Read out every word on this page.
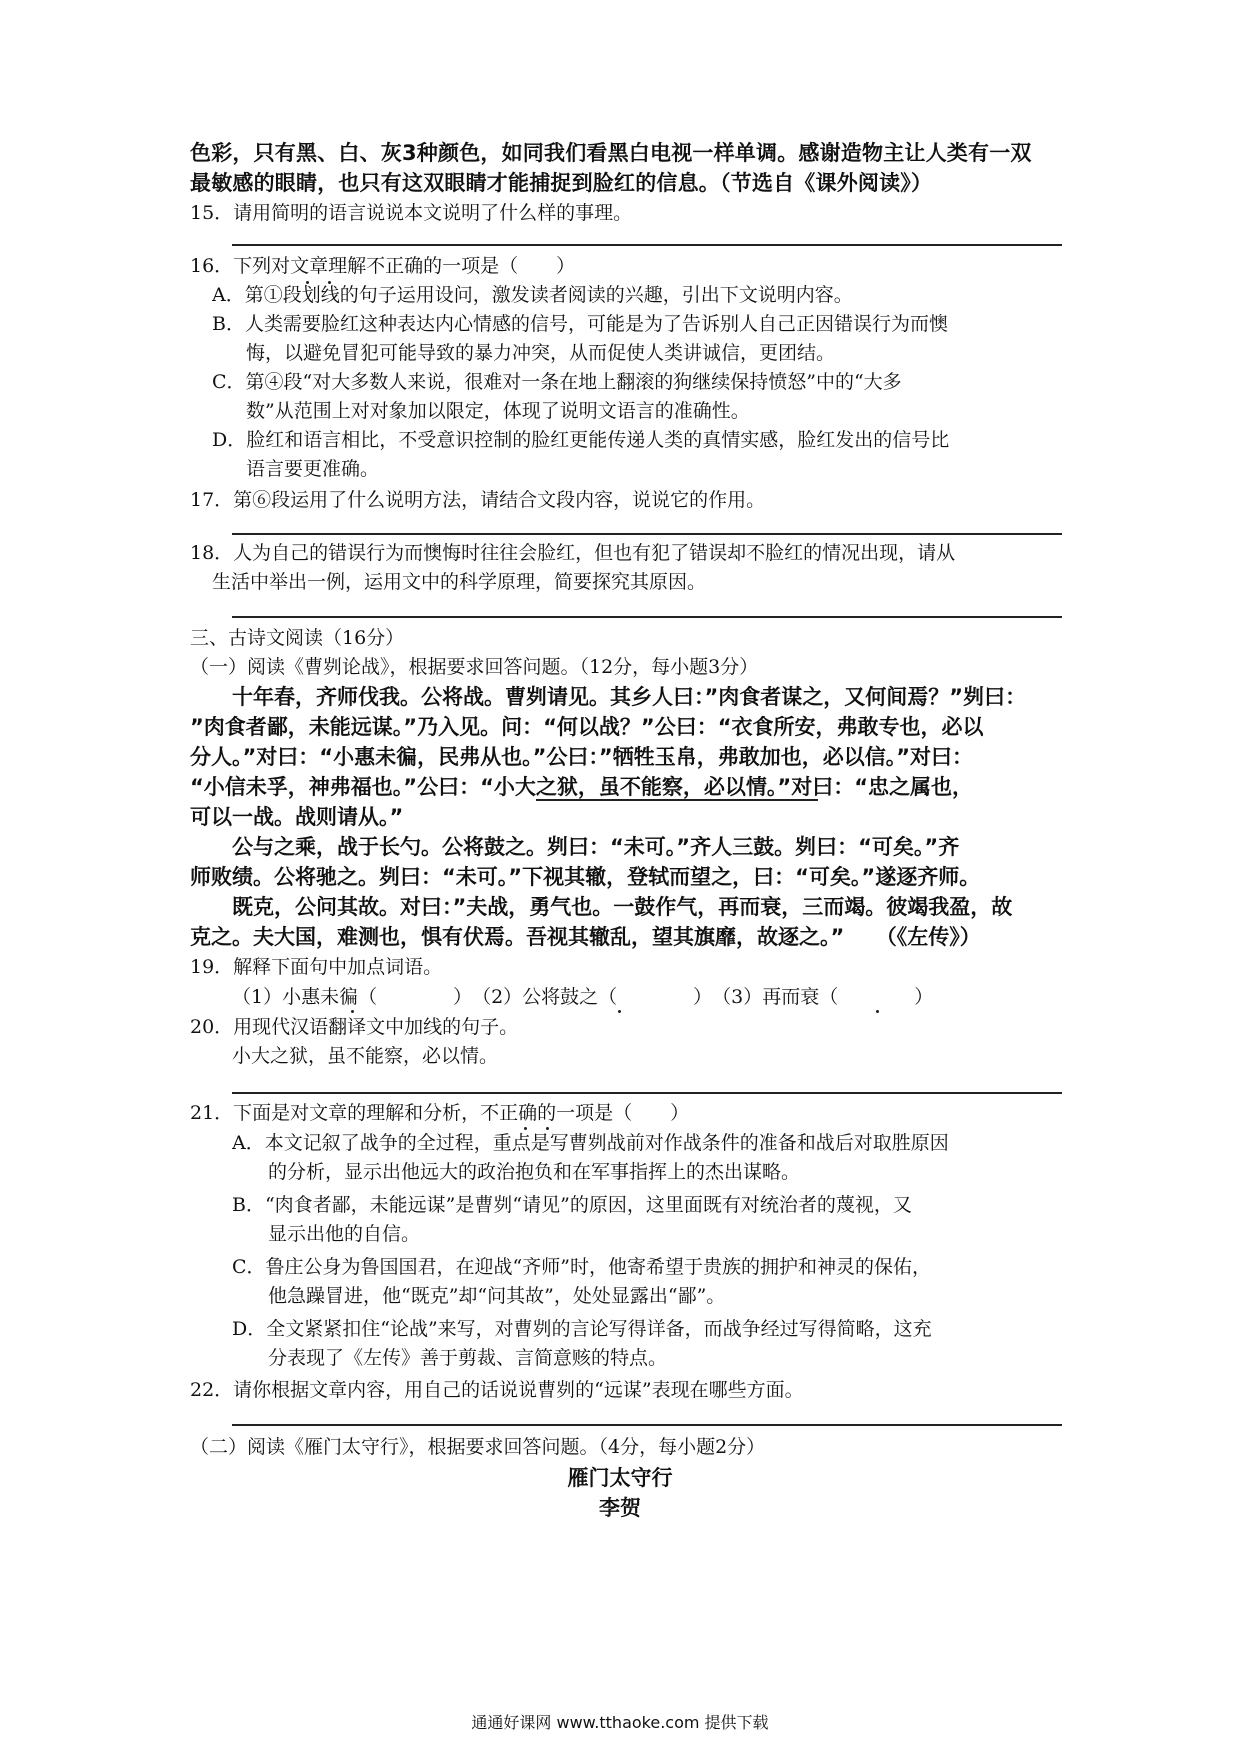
色彩，只有黑、白、灰3种颜色，如同我们看黑白电视一样单调。感谢造物主让人类有一双
最敏感的眼睛，也只有这双眼睛才能捕捉到脸红的信息。（节选自《课外阅读》）
15．请用简明的语言说说本文说明了什么样的事理。
16．下列对文章理解不正确的一项是（　　）
A．第①段划线的句子运用设问，激发读者阅读的兴趣，引出下文说明内容。
B．人类需要脸红这种表达内心情感的信号，可能是为了告诉别人自己正因错误行为而懊
悔，以避免冒犯可能导致的暴力冲突，从而促使人类讲诚信，更团结。
C．第④段“对大多数人来说，很难对一条在地上翻滚的狗继续保持愤怒”中的“大多
数”从范围上对对象加以限定，体现了说明文语言的准确性。
D．脸红和语言相比，不受意识控制的脸红更能传递人类的真情实感，脸红发出的信号比
语言要更准确。
17．第⑥段运用了什么说明方法，请结合文段内容，说说它的作用。
18．人为自己的错误行为而懊悔时往往会脸红，但也有犯了错误却不脸红的情况出现，请从
生活中举出一例，运用文中的科学原理，简要探究其原因。
三、古诗文阅读（16分）
（一）阅读《曹刿论战》，根据要求回答问题。（12分，每小题3分）
十年春，齐师伐我。公将战。曹刿请见。其乡人曰：”肉食者谋之，又何间焉？”刿曰：
”肉食者鄙，未能远谋。”乃入见。问：“何以战？”公曰：“衣食所安，弗敢专也，必以
分人。”对曰：“小惠未徧，民弗从也。”公曰：”牺牲玉帛，弗敢加也，必以信。”对曰：
“小信未孚，神弗福也。”公曰：“小大之狱，虽不能察，必以情。”对曰：“忠之属也，
可以一战。战则请从。”
公与之乘，战于长勺。公将鼓之。刿曰：“未可。”齐人三鼓。刿曰：“可矣。”齐
师败绩。公将驰之。刿曰：“未可。”下视其辙，登轼而望之，曰：“可矣。”遂逐齐师。
既克，公问其故。对曰：”夫战，勇气也。一鼓作气，再而衰，三而竭。彼竭我盈，故
克之。夫大国，难测也，惧有伏焉。吾视其辙乱，望其旗靡，故逐之。”　　（《左传》）
19．解释下面句中加点词语。
（1）小惠未徧（　　　　）　（2）公将鼓之（　　　　）　（3）再而衰（　　　　）
20．用现代汉语翻译文中加线的句子。
小大之狱，虽不能察，必以情。
21．下面是对文章的理解和分析，不正确的一项是（　　）
A．本文记叙了战争的全过程，重点是写曹刿战前对作战条件的准备和战后对取胜原因
的分析，显示出他远大的政治抱负和在军事指挥上的杰出谋略。
B．“肉食者鄙，未能远谋”是曹刿“请见”的原因，这里面既有对统治者的蔑视，又
显示出他的自信。
C．鲁庄公身为鲁国国君，在迎战“齐师”时，他寄希望于贵族的拥护和神灵的保佑，
他急躁冒进，他“既克”却“问其故”，处处显露出“鄙”。
D．全文紧紧扣住“论战”来写，对曹刿的言论写得详备，而战争经过写得简略，这充
分表现了《左传》善于剪裁、言简意赅的特点。
22．请你根据文章内容，用自己的话说说曹刿的“远谋”表现在哪些方面。
（二）阅读《雁门太守行》，根据要求回答问题。（4分，每小题2分）
雁门太守行
李贺
通通好课网 www.tthaoke.com 提供下载
